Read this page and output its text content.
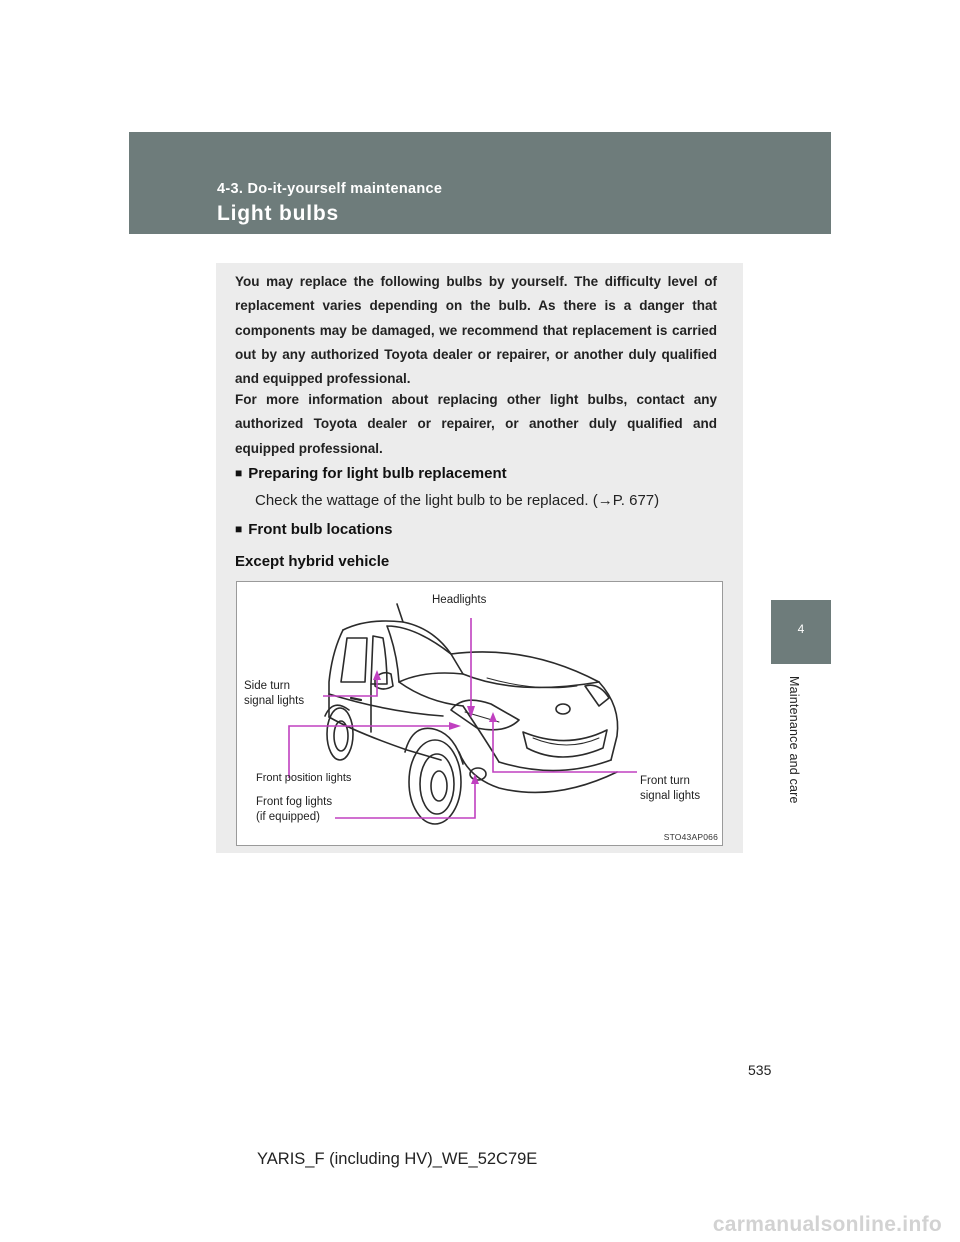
4-3. Do-it-yourself maintenance
Light bulbs
4
Maintenance and care

You may replace the following bulbs by yourself. The difficulty level of replacement varies depending on the bulb. As there is a danger that components may be damaged, we recommend that replacement is carried out by any authorized Toyota dealer or repairer, or another duly qualified and equipped professional.

For more information about replacing other light bulbs, contact any authorized Toyota dealer or repairer, or another duly qualified and equipped professional.

■ Preparing for light bulb replacement
Check the wattage of the light bulb to be replaced. (→P. 677)
■ Front bulb locations
Except hybrid vehicle
Headlights
Side turn
signal lights
Front position lights
Front fog lights
(if equipped)
Front turn
signal lights
STO43AP066
535
YARIS_F (including HV)_WE_52C79E
carmanualsonline.info
